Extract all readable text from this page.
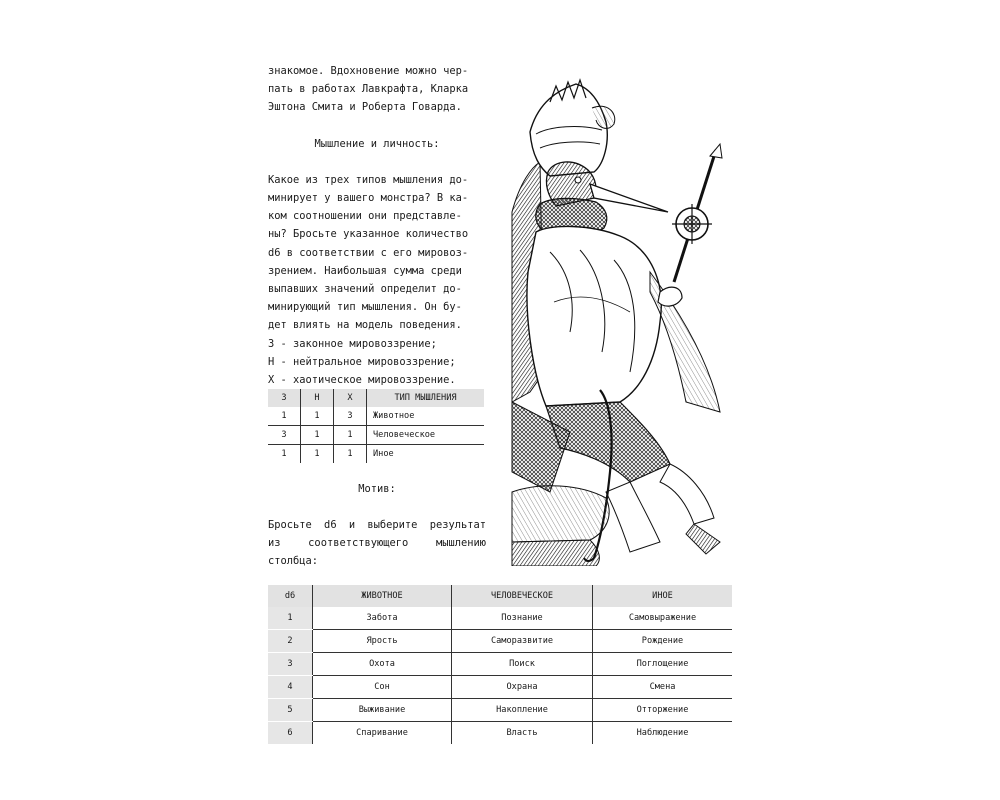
знакомое. Вдохновение можно чер-

пать в работах Лавкрафта, Кларка

Эштона Смита и Роберта Говарда.

Мышление и личность:

Какое из трех типов мышления до-

минирует у вашего монстра? В ка-

ком соотношении они представле-

ны? Бросьте указанное количество

d6 в соответствии с его мировоз-

зрением. Наибольшая сумма среди

выпавших значений определит до-

минирующий тип мышления. Он бу-

дет влиять на модель поведения.

З - законное мировоззрение;

Н - нейтральное мировоззрение;

Х - хаотическое мировоззрение.

З	Н	Х	ТИП МЫШЛЕНИЯ
1	1	3	Животное
3	1	1	Человеческое
1	1	1	Иное
Мотив:
Бросьте d6 и выберите результат
из соответствующего мышлению
столбца:
d6	ЖИВОТНОЕ	ЧЕЛОВЕЧЕСКОЕ	ИНОЕ
1	Забота	Познание	Самовыражение
2	Ярость	Саморазвитие	Рождение
3	Охота	Поиск	Поглощение
4	Сон	Охрана	Смена
5	Выживание	Накопление	Отторжение
6	Спаривание	Власть	Наблюдение
